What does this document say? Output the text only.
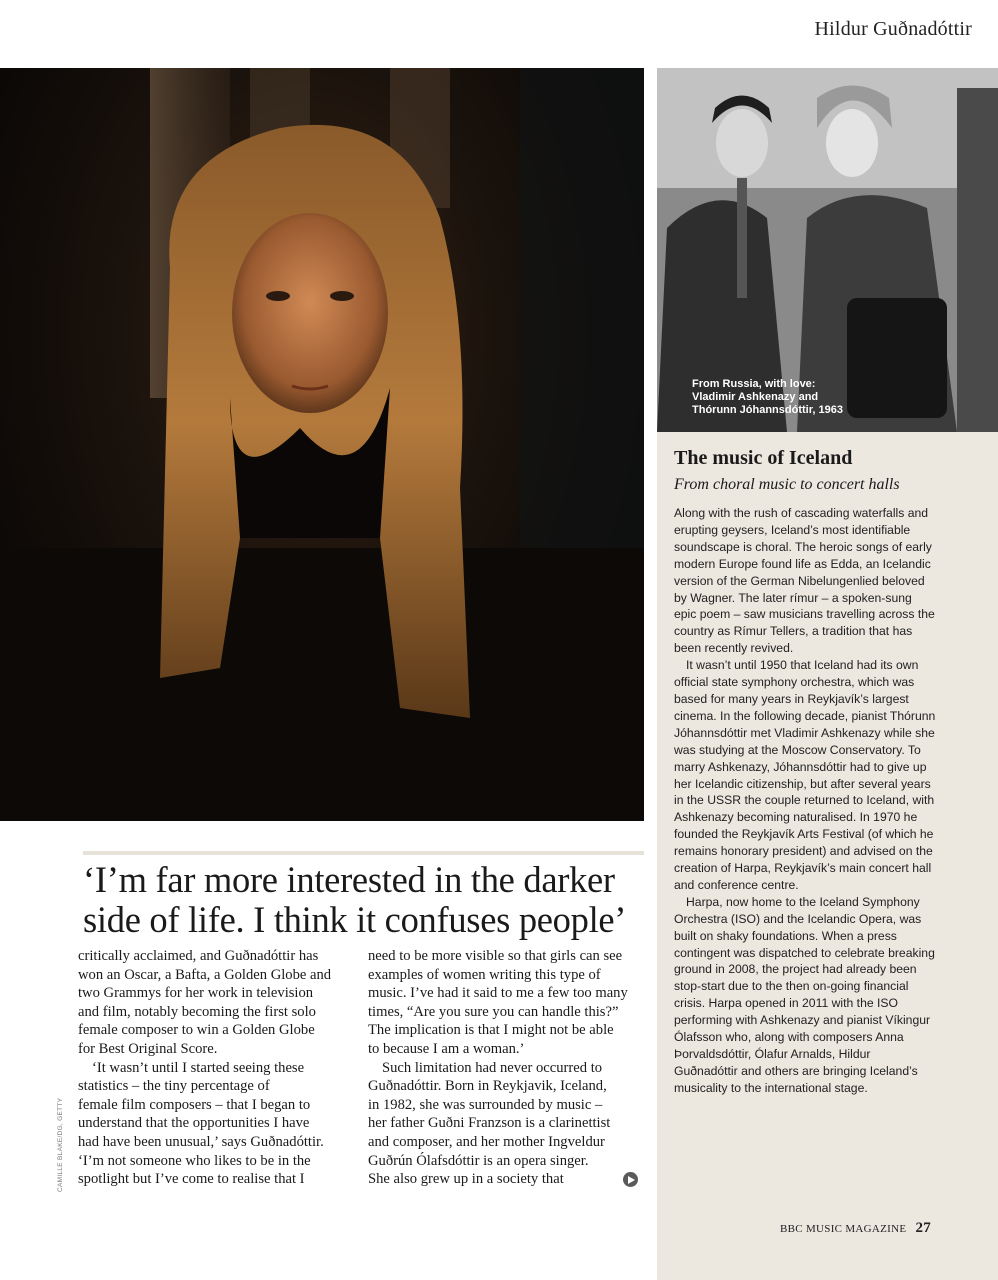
Hildur Guðnadóttir
From Russia, with love:
Vladimir Ashkenazy and
Thórunn Jóhannsdóttir, 1963
The music of Iceland
From choral music to concert halls

Along with the rush of cascading waterfalls and erupting geysers, Iceland’s most identifiable soundscape is choral. The heroic songs of early modern Europe found life as Edda, an Icelandic version of the German Nibelungenlied beloved by Wagner. The later rímur – a spoken-sung epic poem – saw musicians travelling across the country as Rímur Tellers, a tradition that has been recently revived.

It wasn’t until 1950 that Iceland had its own official state symphony orchestra, which was based for many years in Reykjavík’s largest cinema. In the following decade, pianist Thórunn Jóhannsdóttir met Vladimir Ashkenazy while she was studying at the Moscow Conservatory. To marry Ashkenazy, Jóhannsdóttir had to give up her Icelandic citizenship, but after several years in the USSR the couple returned to Iceland, with Ashkenazy becoming naturalised. In 1970 he founded the Reykjavík Arts Festival (of which he remains honorary president) and advised on the creation of Harpa, Reykjavík’s main concert hall and conference centre.

Harpa, now home to the Iceland Symphony Orchestra (ISO) and the Icelandic Opera, was built on shaky foundations. When a press contingent was dispatched to celebrate breaking ground in 2008, the project had already been stop-start due to the then on-going financial crisis. Harpa opened in 2011 with the ISO performing with Ashkenazy and pianist Víkingur Ólafsson who, along with composers Anna Þorvaldsdóttir, Ólafur Arnalds, Hildur Guðnadóttir and others are bringing Iceland’s musicality to the international stage.

‘I’m far more interested in the darker
side of life. I think it confuses people’
critically acclaimed, and Guðnadóttir has
won an Oscar, a Bafta, a Golden Globe and
two Grammys for her work in television
and film, notably becoming the first solo
female composer to win a Golden Globe
for Best Original Score.
‘It wasn’t until I started seeing these
statistics – the tiny percentage of
female film composers – that I began to
understand that the opportunities I have
had have been unusual,’ says Guðnadóttir.
‘I’m not someone who likes to be in the
spotlight but I’ve come to realise that I
need to be more visible so that girls can see
examples of women writing this type of
music. I’ve had it said to me a few too many
times, “Are you sure you can handle this?”
The implication is that I might not be able
to because I am a woman.’
Such limitation had never occurred to
Guðnadóttir. Born in Reykjavik, Iceland,
in 1982, she was surrounded by music –
her father Guðni Franzson is a clarinettist
and composer, and her mother Ingveldur
Guðrún Ólafsdóttir is an opera singer.
She also grew up in a society that
CAMILLE BLAKE/DG, GETTY
BBC MUSIC MAGAZINE 27
